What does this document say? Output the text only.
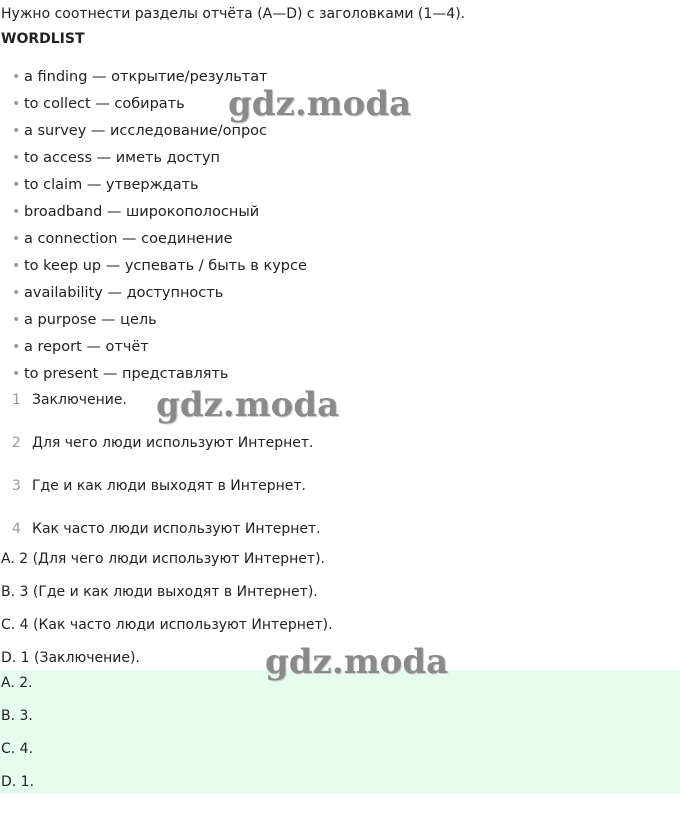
Нужно соотнести разделы отчёта (A—D) с заголовками (1—4).
WORDLIST
• a finding — открытие/результат
• to collect — собирать
• a survey — исследование/опрос
• to access — иметь доступ
• to claim — утверждать
• broadband — широкополосный
• a connection — соединение
• to keep up — успевать / быть в курсе
• availability — доступность
• a purpose — цель
• a report — отчёт
• to present — представлять
1 Заключение.
2 Для чего люди используют Интернет.
3 Где и как люди выходят в Интернет.
4 Как часто люди используют Интернет.
A. 2 (Для чего люди используют Интернет).
B. 3 (Где и как люди выходят в Интернет).
C. 4 (Как часто люди используют Интернет).
D. 1 (Заключение).
A. 2.
B. 3.
C. 4.
D. 1.
gdz.moda
gdz.moda
gdz.moda
